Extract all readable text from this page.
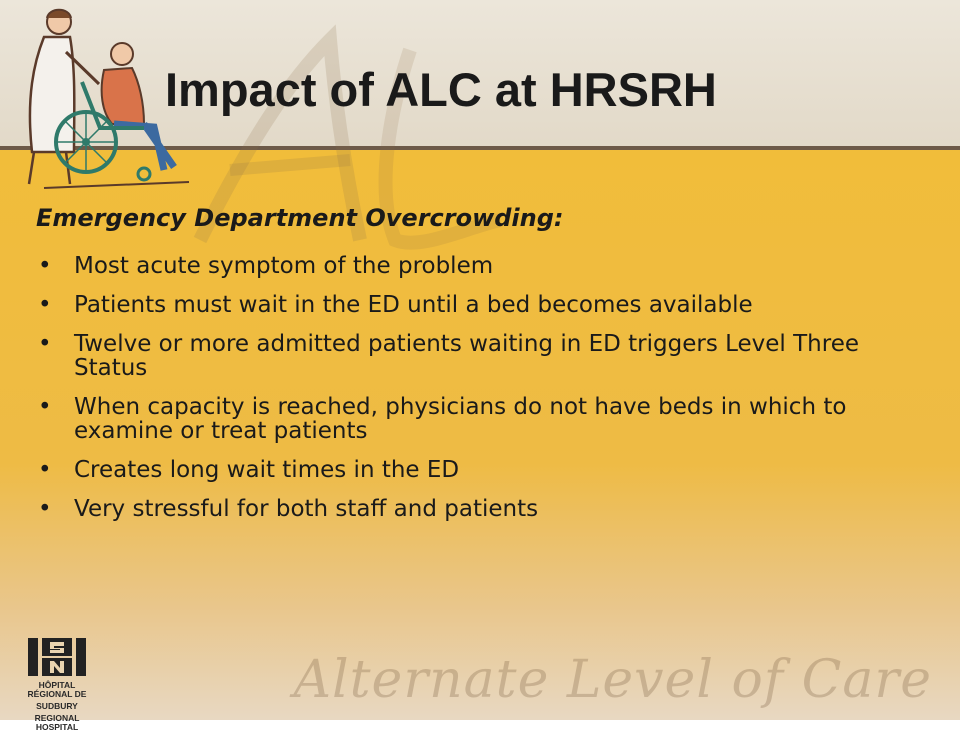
Alternate Level of Care
Impact of ALC at HRSRH

Emergency Department Overcrowding:

• Most acute symptom of the problem
• Patients must wait in the ED until a bed becomes available
• Twelve or more admitted patients waiting in ED triggers Level Three Status
• When capacity is reached, physicians do not have beds in which to examine or treat patients
• Creates long wait times in the ED
• Very stressful for both staff and patients
HÔPITAL RÉGIONAL DE
SUDBURY
REGIONAL HOSPITAL
